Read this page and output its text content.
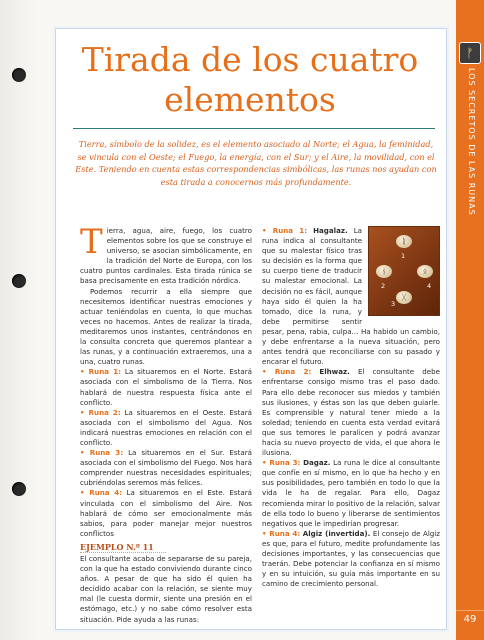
ᚠ
LOS SECRETOS DE LAS RUNAS
49
Tirada de los cuatro
elementos
Tierra, símbolo de la solidez, es el elemento asociado al Norte; el Agua, la feminidad, se vincula con el Oeste; el Fuego, la energía, con el Sur; y el Aire, la movilidad, con el Este. Teniendo en cuenta estas correspondencias simbólicas, las runas nos ayudan con esta tirada a conocernos más profundamente.

Tierra, agua, aire, fuego, los cuatro elementos sobre los que se construye el universo, se asocian simbólicamente, en la tradición del Norte de Europa, con los cuatro puntos cardinales. Esta tirada rúnica se basa precisamente en esta tradición nórdica.

Podemos recurrir a ella siempre que necesitemos identificar nuestras emociones y actuar teniéndolas en cuenta, lo que muchas veces no hacemos. Antes de realizar la tirada, meditaremos unos instantes, centrándonos en la consulta concreta que queremos plantear a las runas, y a continuación extraeremos, una a una, cuatro runas.

• Runa 1: La situaremos en el Norte. Estará asociada con el simbolismo de la Tierra. Nos hablará de nuestra respuesta física ante el conflicto.

• Runa 2: La situaremos en el Oeste. Estará asociada con el simbolismo del Agua. Nos indicará nuestras emociones en relación con el conflicto.

• Runa 3: La situaremos en el Sur. Estará asociada con el simbolismo del Fuego. Nos hará comprender nuestras necesidades espirituales; cubriéndolas seremos más felices.

• Runa 4: La situaremos en el Este. Estará vinculada con el simbolismo del Aire. Nos hablará de cómo ser emocionalmente más sabios, para poder manejar mejor nuestros conflictos

EJEMPLO N.º 11

El consultante acaba de separarse de su pareja, con la que ha estado conviviendo durante cinco años. A pesar de que ha sido él quien ha decidido acabar con la relación, se siente muy mal (le cuesta dormir, siente una presión en el estómago, etc.) y no sabe cómo resolver esta situación. Pide ayuda a las runas:

ᚱ
ᚾ
ᚷ
ᛟ
1
2
3
4

• Runa 1: Hagalaz. La runa indica al consultante que su malestar físico tras su decisión es la forma que su cuerpo tiene de traducir su malestar emocional. La decisión no es fácil, aunque haya sido él quien la ha tomado, dice la runa, y debe permitirse sentir pesar, pena, rabia, culpa... Ha habido un cambio, y debe enfrentarse a la nueva situación, pero antes tendrá que reconciliarse con su pasado y encarar el futuro.

• Runa 2: Elhwaz. El consultante debe enfrentarse consigo mismo tras el paso dado. Para ello debe reconocer sus miedos y también sus ilusiones, y éstas son las que deben guiarle. Es comprensible y natural tener miedo a la soledad; teniendo en cuenta esta verdad evitará que sus temores le paralicen y podrá avanzar hacia su nuevo proyecto de vida, el que ahora le ilusiona.

• Runa 3: Dagaz. La runa le dice al consultante que confíe en sí mismo, en lo que ha hecho y en sus posibilidades, pero también en todo lo que la vida le ha de regalar. Para ello, Dagaz recomienda mirar lo positivo de la relación, salvar de ella todo lo bueno y liberarse de sentimientos negativos que le impedirían progresar.

• Runa 4: Algiz (invertida). El consejo de Algiz es que, para el futuro, medite profundamente las decisiones importantes, y las consecuencias que traerán. Debe potenciar la confianza en sí mismo y en su intuición, su guía más importante en su camino de crecimiento personal.
